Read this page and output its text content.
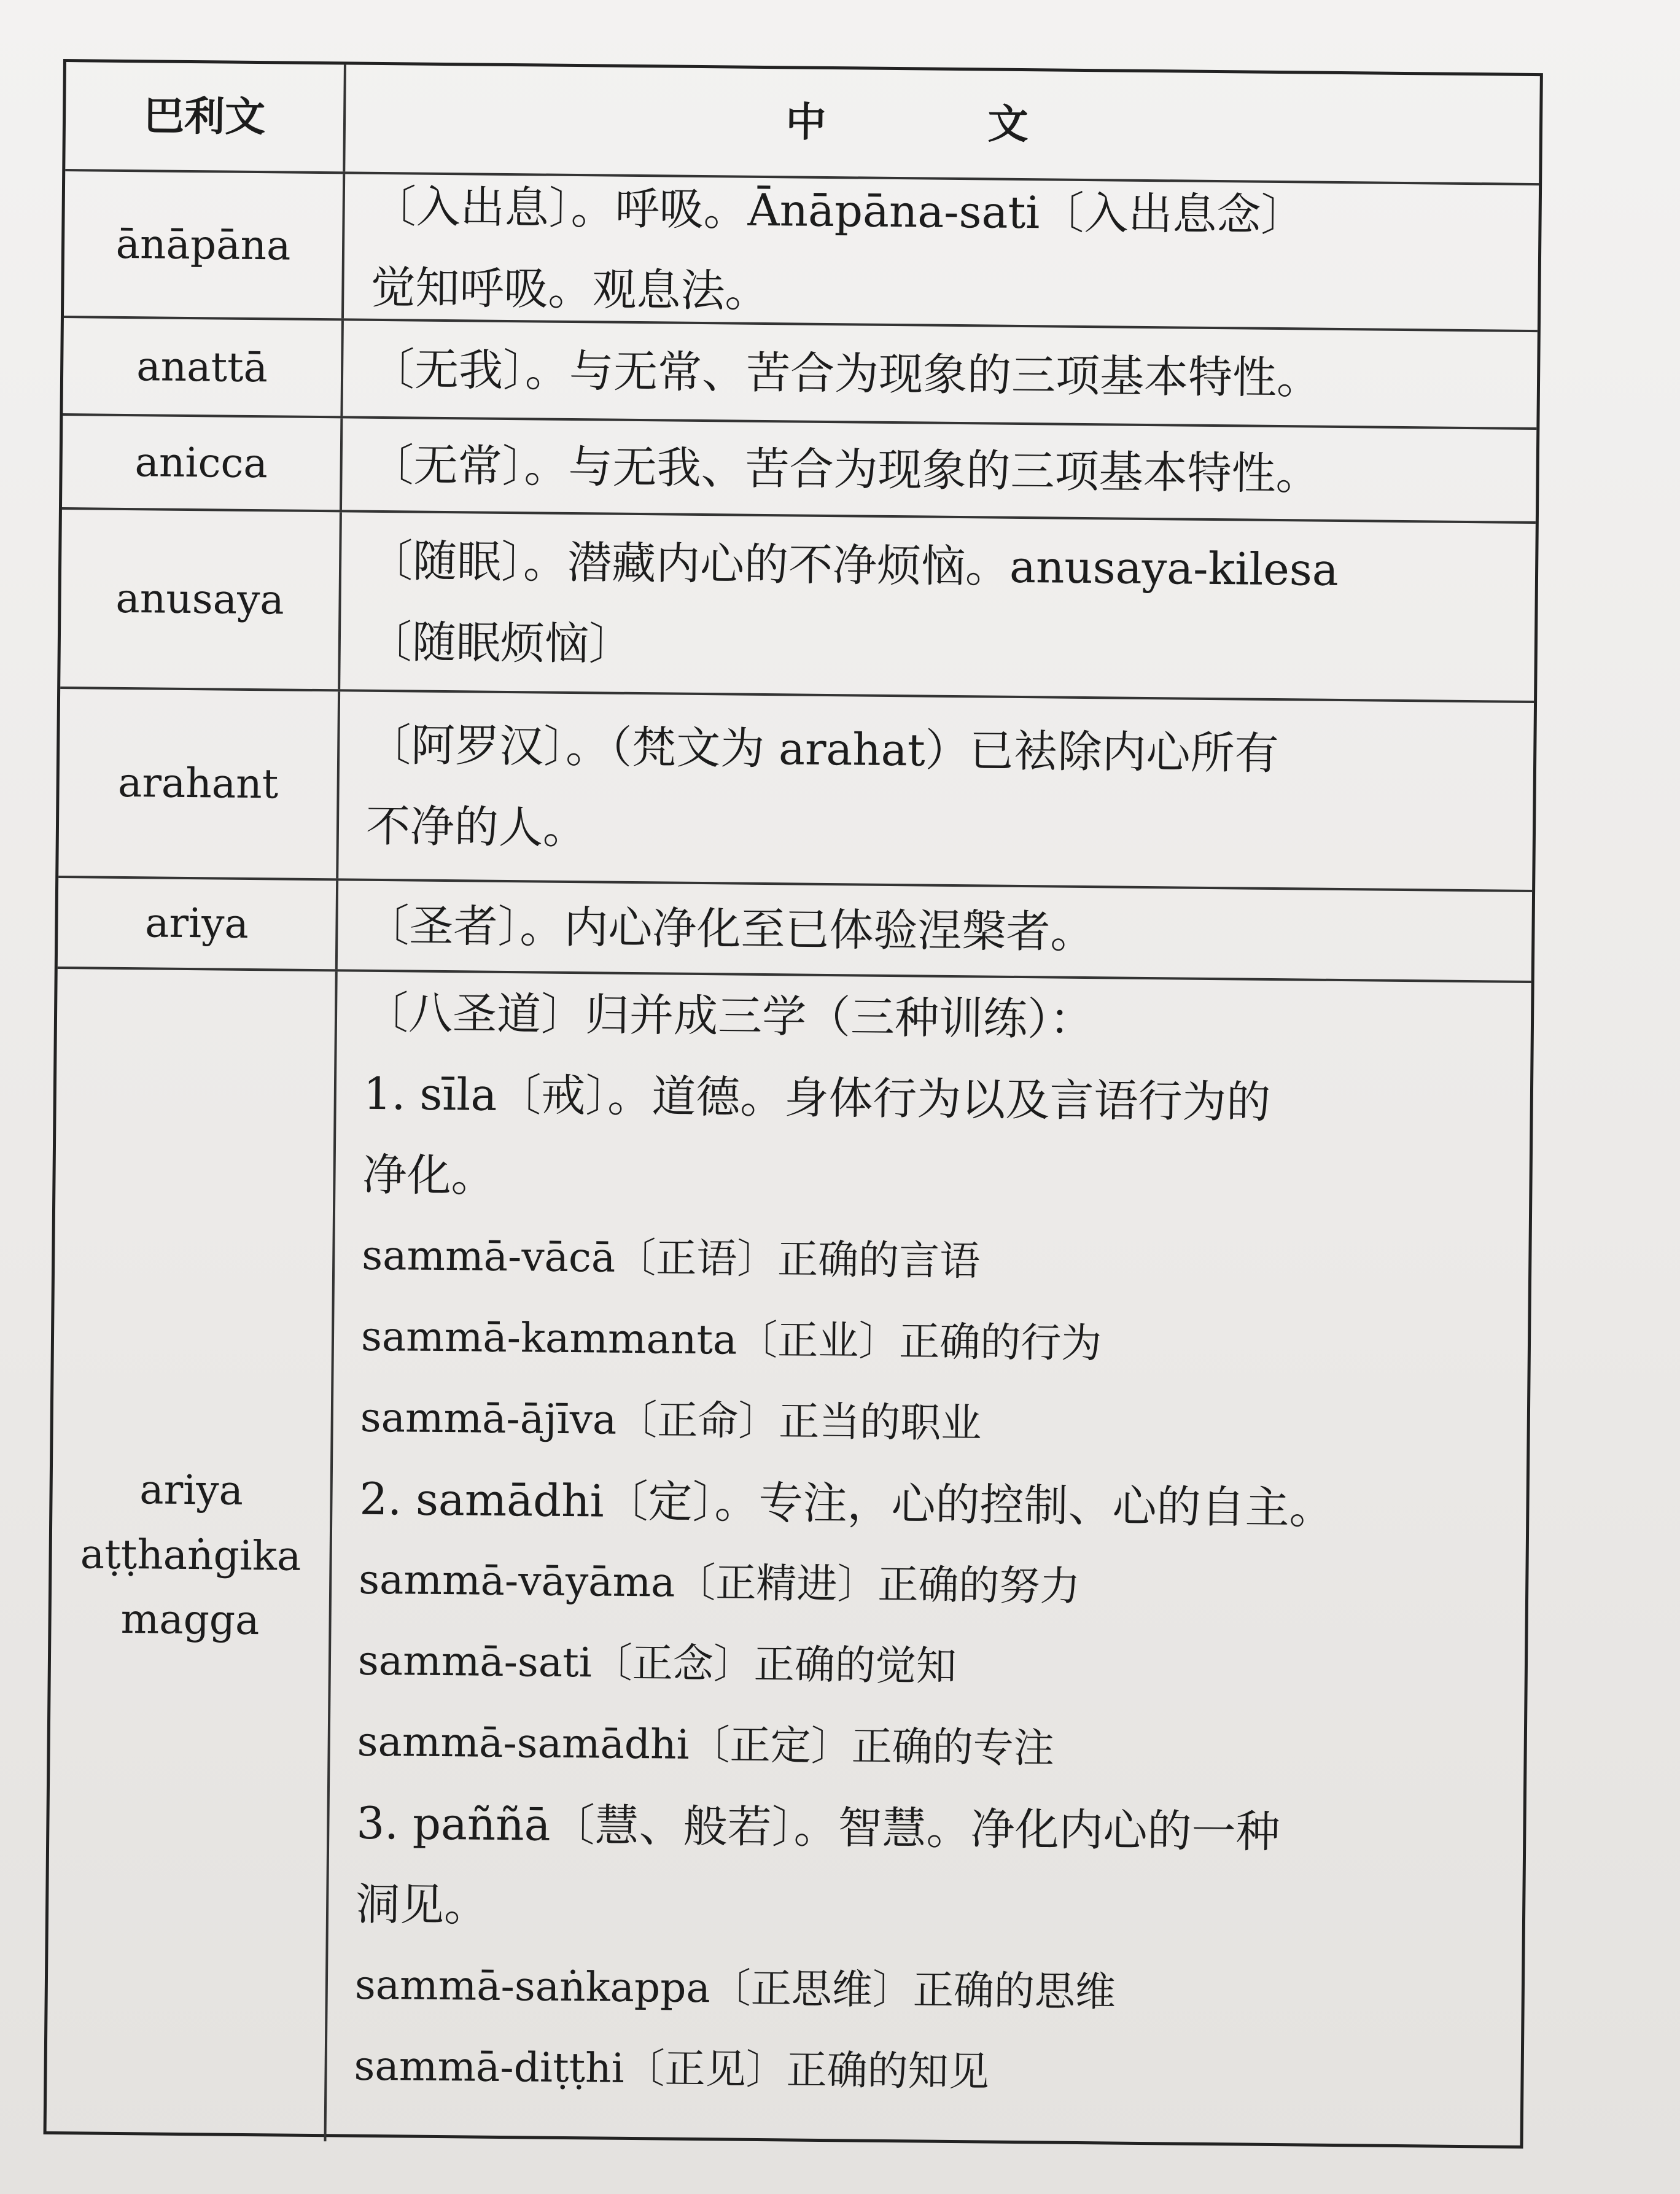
巴利文	中 文
ānāpāna
〔入出息〕。呼吸。Ānāpāna-sati〔入出息念〕
觉知呼吸。观息法。
anattā 〔无我〕。与无常、苦合为现象的三项基本特性。
anicca 〔无常〕。与无我、苦合为现象的三项基本特性。
anusaya
〔随眠〕。潜藏内心的不净烦恼。anusaya-kilesa
〔随眠烦恼〕
arahant
〔阿罗汉〕。（梵文为 arahat）已袪除内心所有
不净的人。
ariya	〔圣者〕。内心净化至已体验涅槃者。
ariya
aṭṭhaṅgika
magga
〔八圣道〕归并成三学（三种训练）：
1. sīla〔戒〕。道德。身体行为以及言语行为的
净化。
sammā-vācā〔正语〕正确的言语
sammā-kammanta〔正业〕正确的行为
sammā-ājīva〔正命〕正当的职业
2. samādhi〔定〕。专注，心的控制、心的自主。
sammā-vāyāma〔正精进〕正确的努力
sammā-sati〔正念〕正确的觉知
sammā-samādhi〔正定〕正确的专注
3. paññā〔慧、般若〕。智慧。净化内心的一种
洞见。
sammā-saṅkappa〔正思维〕正确的思维
sammā-diṭṭhi〔正见〕正确的知见
